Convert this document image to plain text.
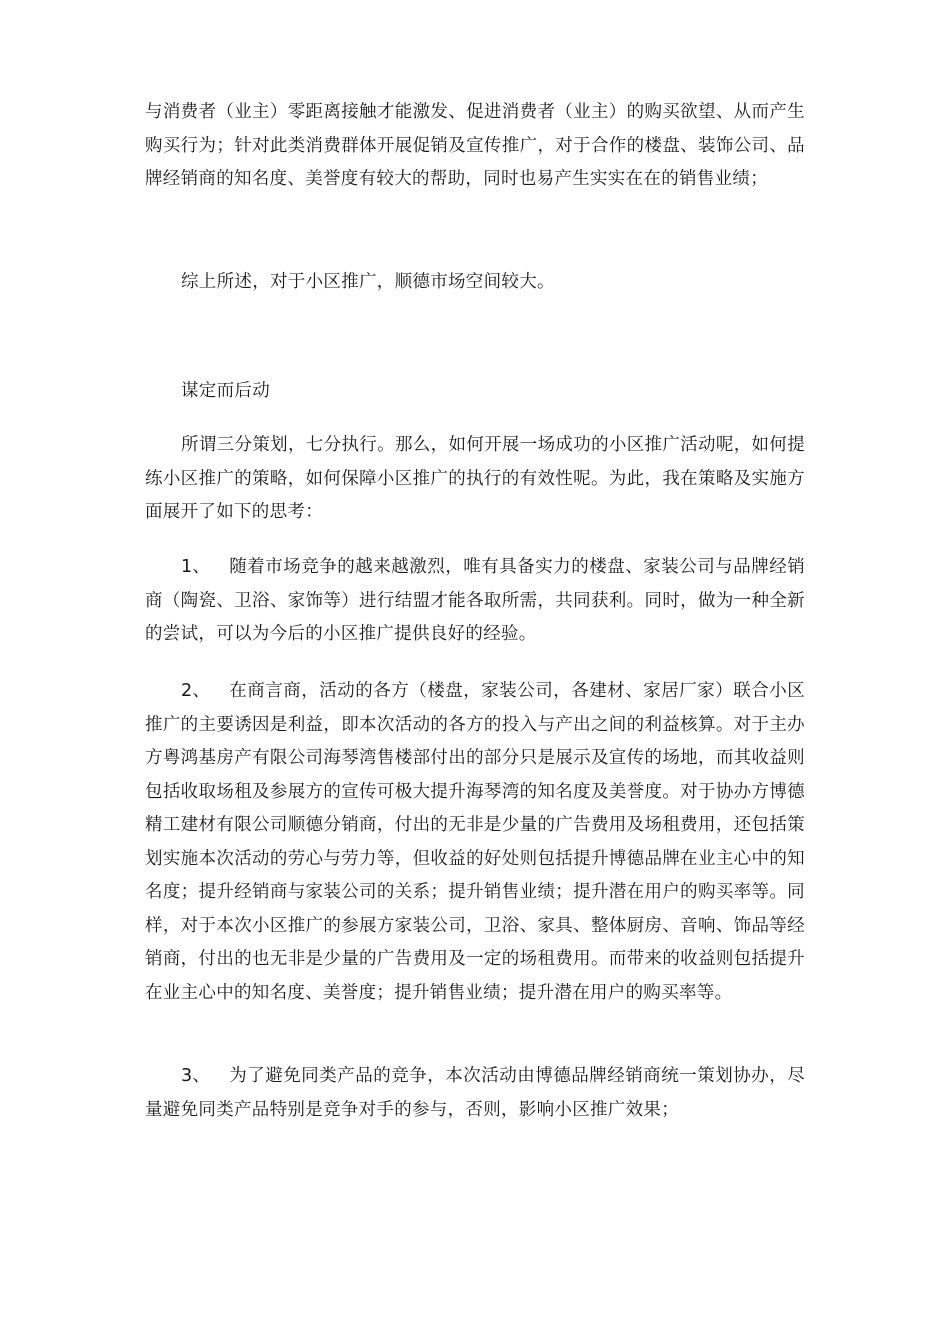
与消费者（业主）零距离接触才能激发、促进消费者（业主）的购买欲望、从而产生购买行为；针对此类消费群体开展促销及宣传推广，对于合作的楼盘、装饰公司、品牌经销商的知名度、美誉度有较大的帮助，同时也易产生实实在在的销售业绩；

综上所述，对于小区推广，顺德市场空间较大。

谋定而后动

所谓三分策划，七分执行。那么，如何开展一场成功的小区推广活动呢，如何提练小区推广的策略，如何保障小区推广的执行的有效性呢。为此，我在策略及实施方面展开了如下的思考：

1、 随着市场竞争的越来越激烈，唯有具备实力的楼盘、家装公司与品牌经销商（陶瓷、卫浴、家饰等）进行结盟才能各取所需，共同获利。同时，做为一种全新的尝试，可以为今后的小区推广提供良好的经验。

2、 在商言商，活动的各方（楼盘，家装公司，各建材、家居厂家）联合小区推广的主要诱因是利益，即本次活动的各方的投入与产出之间的利益核算。对于主办方粤鸿基房产有限公司海琴湾售楼部付出的部分只是展示及宣传的场地，而其收益则包括收取场租及参展方的宣传可极大提升海琴湾的知名度及美誉度。对于协办方博德精工建材有限公司顺德分销商，付出的无非是少量的广告费用及场租费用，还包括策划实施本次活动的劳心与劳力等，但收益的好处则包括提升博德品牌在业主心中的知名度；提升经销商与家装公司的关系；提升销售业绩；提升潜在用户的购买率等。同样，对于本次小区推广的参展方家装公司，卫浴、家具、整体厨房、音响、饰品等经销商，付出的也无非是少量的广告费用及一定的场租费用。而带来的收益则包括提升在业主心中的知名度、美誉度；提升销售业绩；提升潜在用户的购买率等。

3、 为了避免同类产品的竞争，本次活动由博德品牌经销商统一策划协办，尽量避免同类产品特别是竞争对手的参与，否则，影响小区推广效果；
